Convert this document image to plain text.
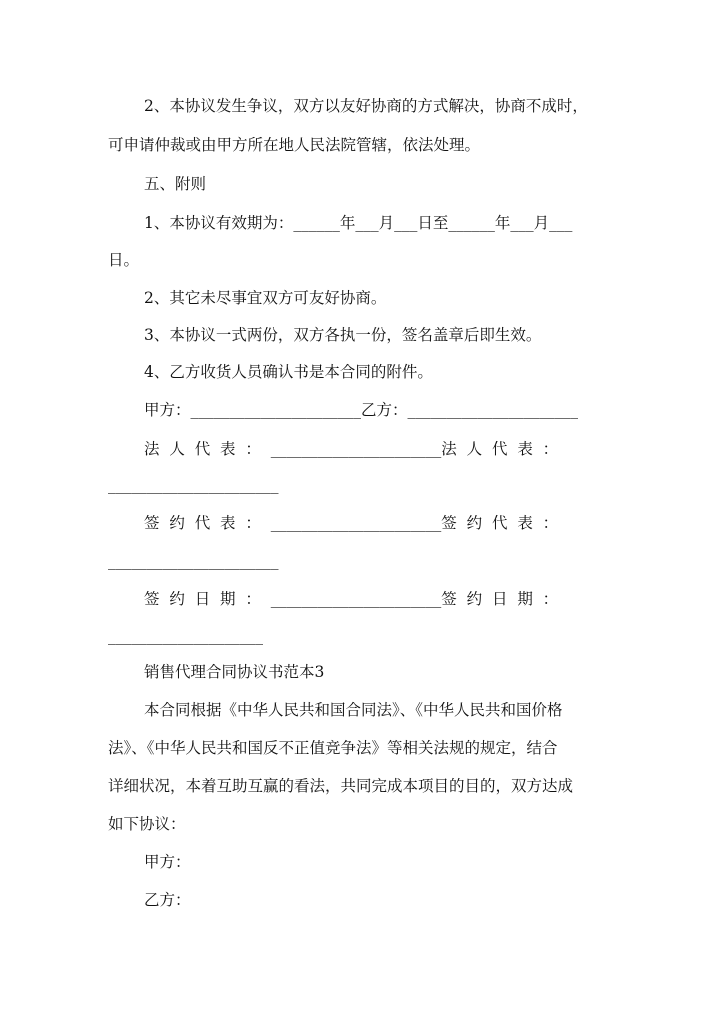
2、本协议发生争议，双方以友好协商的方式解决，协商不成时，

可申请仲裁或由甲方所在地人民法院管辖，依法处理。

五、附则

1、本协议有效期为：______年___月___日至______年___月___

日。

2、其它未尽事宜双方可友好协商。

3、本协议一式两份，双方各执一份，签名盖章后即生效。

4、乙方收货人员确认书是本合同的附件。

甲方：______________________乙方：______________________

法  人  代  表  ：  ______________________法  人  代  表  ：

______________________

签  约  代  表  ：  ______________________签  约  代  表  ：

______________________

签  约  日  期  ：  ______________________签  约  日  期  ：

____________________

销售代理合同协议书范本3

本合同根据《中华人民共和国合同法》、《中华人民共和国价格

法》、《中华人民共和国反不正值竞争法》等相关法规的规定，结合

详细状况，本着互助互赢的看法，共同完成本项目的目的，双方达成

如下协议：

甲方：

乙方：
